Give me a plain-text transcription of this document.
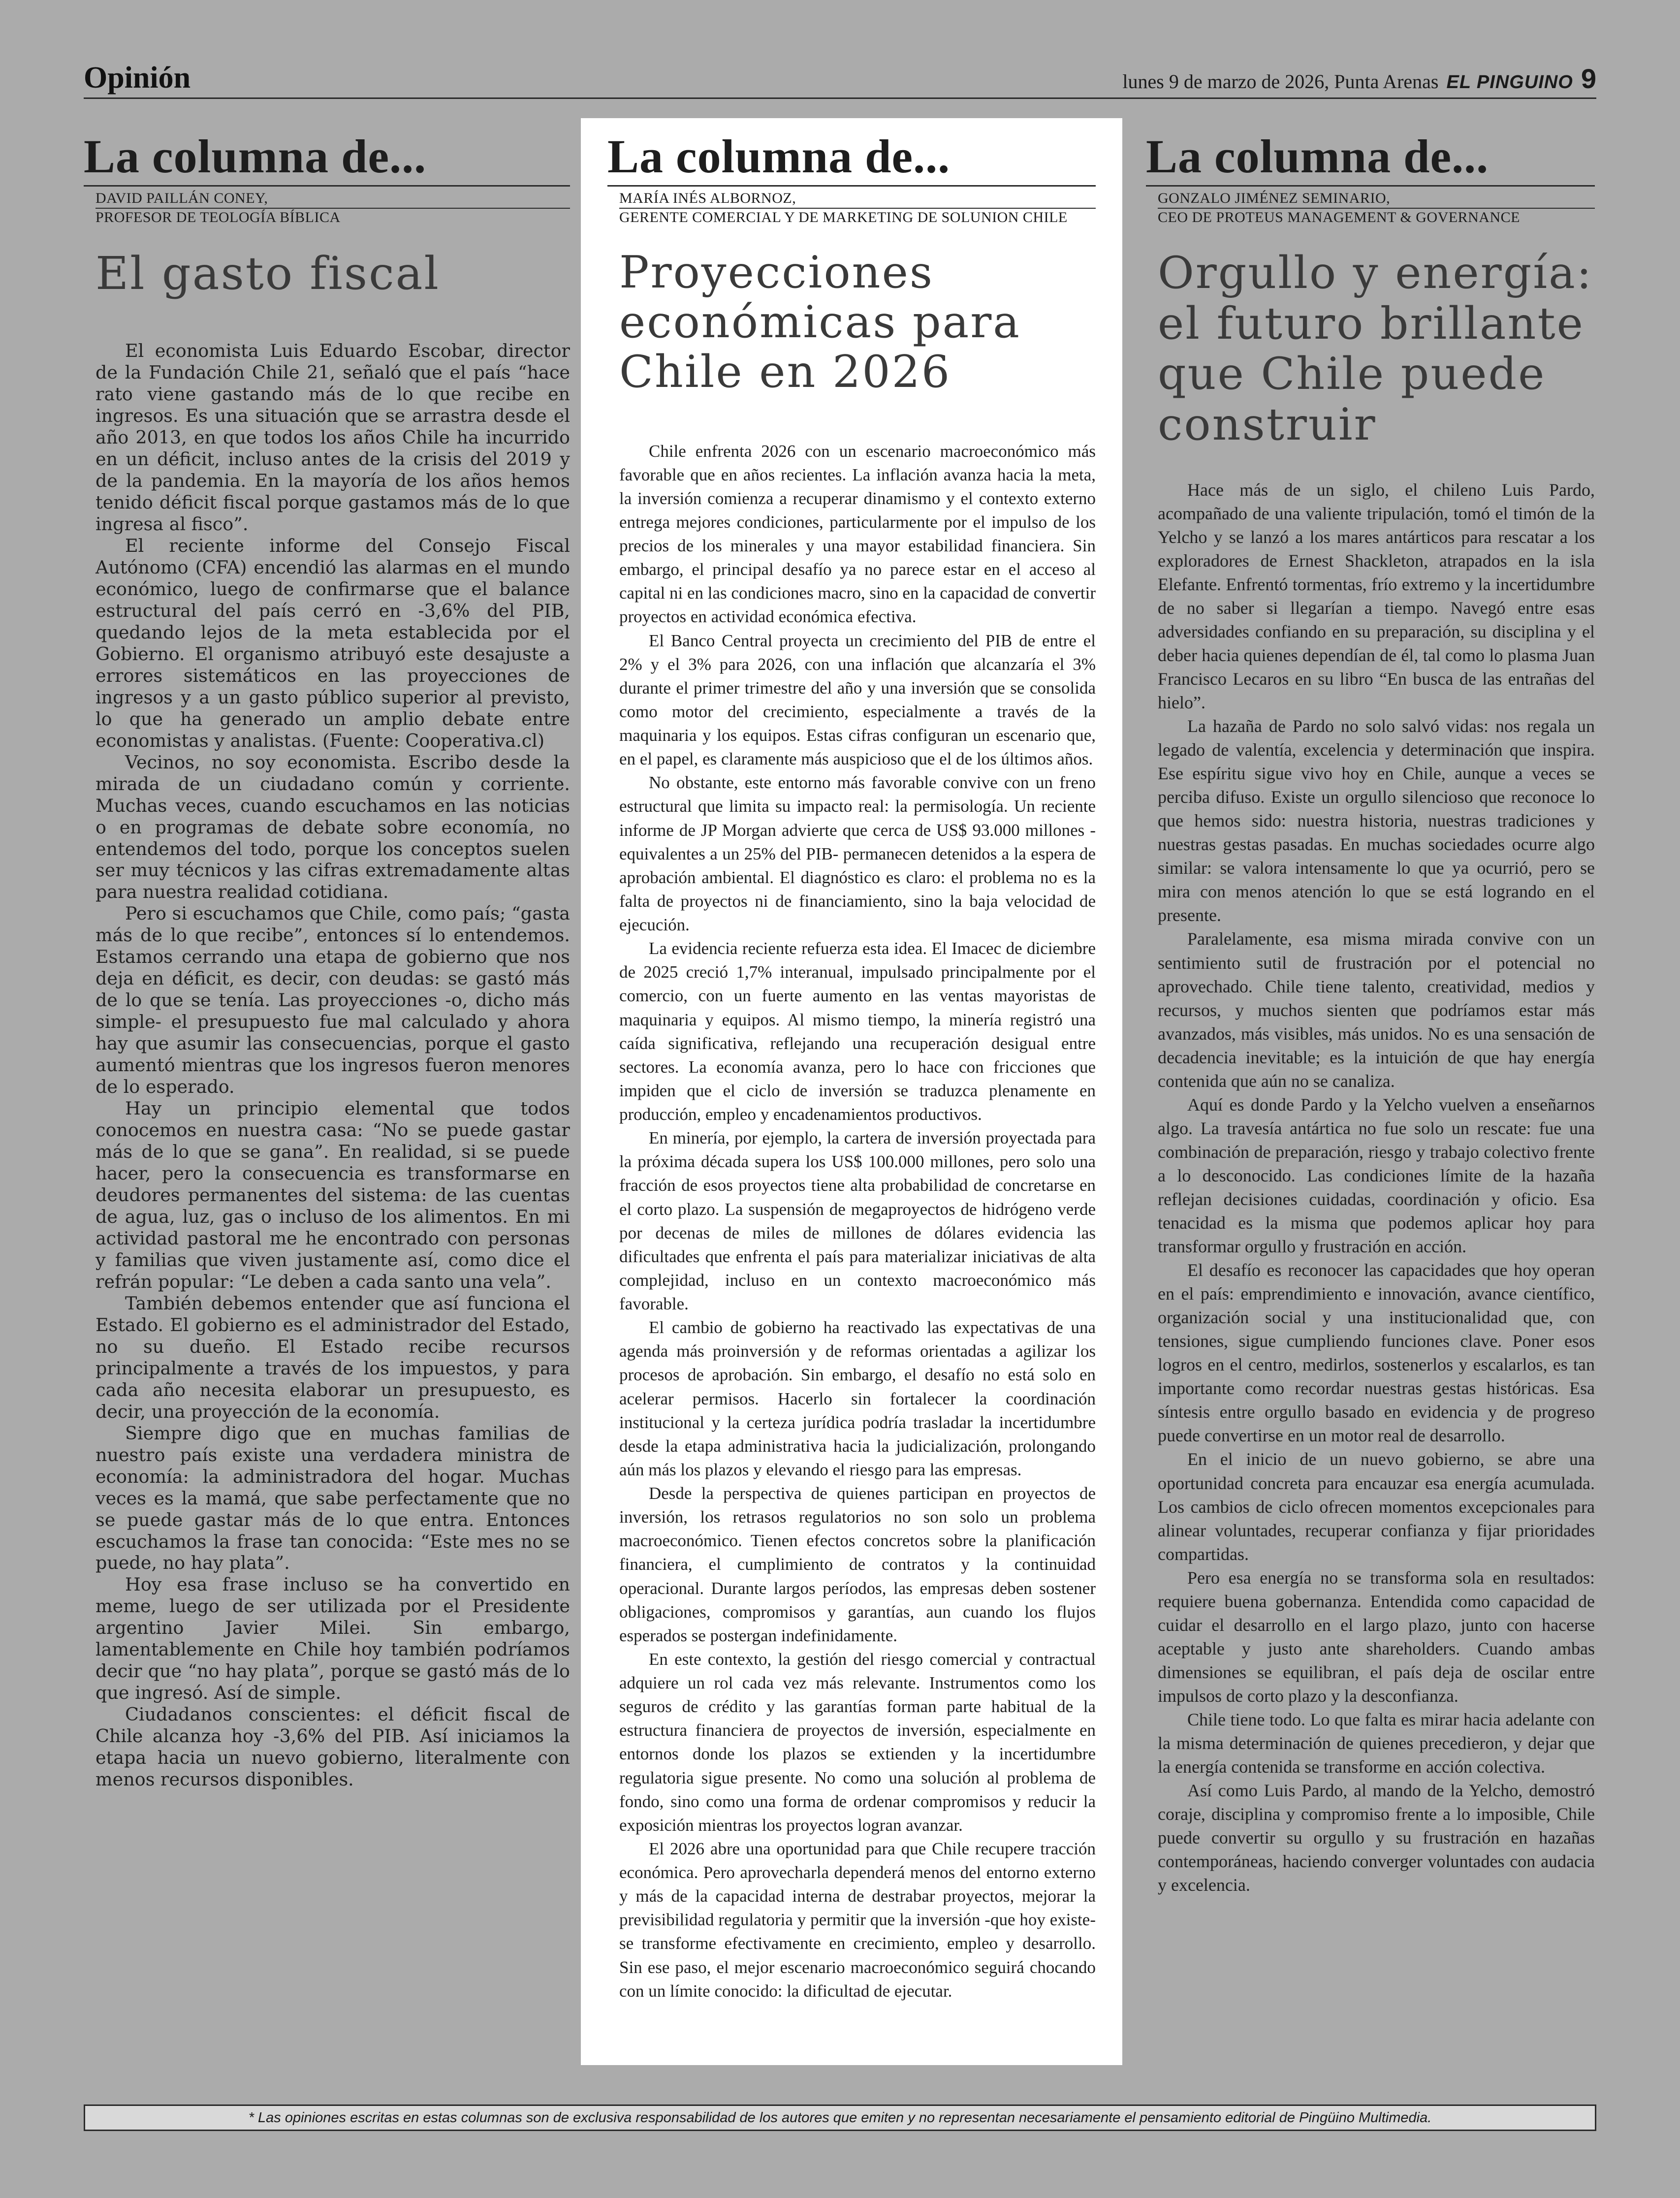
Opinión	lunes 9 de marzo de 2026, Punta Arenas EL PINGUINO 9
La columna de...
DAVID PAILLÁN CONEY,
PROFESOR DE TEOLOGÍA BÍBLICA
El gasto fiscal

El economista Luis Eduardo Escobar, director de la Fundación Chile 21, señaló que el país “hace rato viene gastando más de lo que recibe en ingresos. Es una situación que se arrastra desde el año 2013, en que todos los años Chile ha incurrido en un déficit, incluso antes de la crisis del 2019 y de la pandemia. En la mayoría de los años hemos tenido déficit fiscal porque gastamos más de lo que ingresa al fisco”.

El reciente informe del Consejo Fiscal Autónomo (CFA) encendió las alarmas en el mundo económico, luego de confirmarse que el balance estructural del país cerró en -3,6% del PIB, quedando lejos de la meta establecida por el Gobierno. El organismo atribuyó este desajuste a errores sistemáticos en las proyecciones de ingresos y a un gasto público superior al previsto, lo que ha generado un amplio debate entre economistas y analistas. (Fuente: Cooperativa.cl)

Vecinos, no soy economista. Escribo desde la mirada de un ciudadano común y corriente. Muchas veces, cuando escuchamos en las noticias o en programas de debate sobre economía, no entendemos del todo, porque los conceptos suelen ser muy técnicos y las cifras extremadamente altas para nuestra realidad cotidiana.

Pero si escuchamos que Chile, como país; “gasta más de lo que recibe”, entonces sí lo entendemos. Estamos cerrando una etapa de gobierno que nos deja en déficit, es decir, con deudas: se gastó más de lo que se tenía. Las proyecciones -o, dicho más simple- el presupuesto fue mal calculado y ahora hay que asumir las consecuencias, porque el gasto aumentó mientras que los ingresos fueron menores de lo esperado.

Hay un principio elemental que todos conocemos en nuestra casa: “No se puede gastar más de lo que se gana”. En realidad, si se puede hacer, pero la consecuencia es transformarse en deudores permanentes del sistema: de las cuentas de agua, luz, gas o incluso de los alimentos. En mi actividad pastoral me he encontrado con personas y familias que viven justamente así, como dice el refrán popular: “Le deben a cada santo una vela”.

También debemos entender que así funciona el Estado. El gobierno es el administrador del Estado, no su dueño. El Estado recibe recursos principalmente a través de los impuestos, y para cada año necesita elaborar un presupuesto, es decir, una proyección de la economía.

Siempre digo que en muchas familias de nuestro país existe una verdadera ministra de economía: la administradora del hogar. Muchas veces es la mamá, que sabe perfectamente que no se puede gastar más de lo que entra. Entonces escuchamos la frase tan conocida: “Este mes no se puede, no hay plata”.

Hoy esa frase incluso se ha convertido en meme, luego de ser utilizada por el Presidente argentino Javier Milei. Sin embargo, lamentablemente en Chile hoy también podríamos decir que “no hay plata”, porque se gastó más de lo que ingresó. Así de simple.

Ciudadanos conscientes: el déficit fiscal de Chile alcanza hoy -3,6% del PIB. Así iniciamos la etapa hacia un nuevo gobierno, literalmente con menos recursos disponibles.

La columna de...
MARÍA INÉS ALBORNOZ,
GERENTE COMERCIAL Y DE MARKETING DE SOLUNION CHILE
Proyecciones económicas para Chile en 2026

Chile enfrenta 2026 con un escenario macroeconómico más favorable que en años recientes. La inflación avanza hacia la meta, la inversión comienza a recuperar dinamismo y el contexto externo entrega mejores condiciones, particularmente por el impulso de los precios de los minerales y una mayor estabilidad financiera. Sin embargo, el principal desafío ya no parece estar en el acceso al capital ni en las condiciones macro, sino en la capacidad de convertir proyectos en actividad económica efectiva.

El Banco Central proyecta un crecimiento del PIB de entre el 2% y el 3% para 2026, con una inflación que alcanzaría el 3% durante el primer trimestre del año y una inversión que se consolida como motor del crecimiento, especialmente a través de la maquinaria y los equipos. Estas cifras configuran un escenario que, en el papel, es claramente más auspicioso que el de los últimos años.

No obstante, este entorno más favorable convive con un freno estructural que limita su impacto real: la permisología. Un reciente informe de JP Morgan advierte que cerca de US$ 93.000 millones -equivalentes a un 25% del PIB- permanecen detenidos a la espera de aprobación ambiental. El diagnóstico es claro: el problema no es la falta de proyectos ni de financiamiento, sino la baja velocidad de ejecución.

La evidencia reciente refuerza esta idea. El Imacec de diciembre de 2025 creció 1,7% interanual, impulsado principalmente por el comercio, con un fuerte aumento en las ventas mayoristas de maquinaria y equipos. Al mismo tiempo, la minería registró una caída significativa, reflejando una recuperación desigual entre sectores. La economía avanza, pero lo hace con fricciones que impiden que el ciclo de inversión se traduzca plenamente en producción, empleo y encadenamientos productivos.

En minería, por ejemplo, la cartera de inversión proyectada para la próxima década supera los US$ 100.000 millones, pero solo una fracción de esos proyectos tiene alta probabilidad de concretarse en el corto plazo. La suspensión de megaproyectos de hidrógeno verde por decenas de miles de millones de dólares evidencia las dificultades que enfrenta el país para materializar iniciativas de alta complejidad, incluso en un contexto macroeconómico más favorable.

El cambio de gobierno ha reactivado las expectativas de una agenda más proinversión y de reformas orientadas a agilizar los procesos de aprobación. Sin embargo, el desafío no está solo en acelerar permisos. Hacerlo sin fortalecer la coordinación institucional y la certeza jurídica podría trasladar la incertidumbre desde la etapa administrativa hacia la judicialización, prolongando aún más los plazos y elevando el riesgo para las empresas.

Desde la perspectiva de quienes participan en proyectos de inversión, los retrasos regulatorios no son solo un problema macroeconómico. Tienen efectos concretos sobre la planificación financiera, el cumplimiento de contratos y la continuidad operacional. Durante largos períodos, las empresas deben sostener obligaciones, compromisos y garantías, aun cuando los flujos esperados se postergan indefinidamente.

En este contexto, la gestión del riesgo comercial y contractual adquiere un rol cada vez más relevante. Instrumentos como los seguros de crédito y las garantías forman parte habitual de la estructura financiera de proyectos de inversión, especialmente en entornos donde los plazos se extienden y la incertidumbre regulatoria sigue presente. No como una solución al problema de fondo, sino como una forma de ordenar compromisos y reducir la exposición mientras los proyectos logran avanzar.

El 2026 abre una oportunidad para que Chile recupere tracción económica. Pero aprovecharla dependerá menos del entorno externo y más de la capacidad interna de destrabar proyectos, mejorar la previsibilidad regulatoria y permitir que la inversión -que hoy existe- se transforme efectivamente en crecimiento, empleo y desarrollo. Sin ese paso, el mejor escenario macroeconómico seguirá chocando con un límite conocido: la dificultad de ejecutar.

La columna de...
GONZALO JIMÉNEZ SEMINARIO,
CEO DE PROTEUS MANAGEMENT & GOVERNANCE
Orgullo y energía: el futuro brillante que Chile puede construir

Hace más de un siglo, el chileno Luis Pardo, acompañado de una valiente tripulación, tomó el timón de la Yelcho y se lanzó a los mares antárticos para rescatar a los exploradores de Ernest Shackleton, atrapados en la isla Elefante. Enfrentó tormentas, frío extremo y la incertidumbre de no saber si llegarían a tiempo. Navegó entre esas adversidades confiando en su preparación, su disciplina y el deber hacia quienes dependían de él, tal como lo plasma Juan Francisco Lecaros en su libro “En busca de las entrañas del hielo”.

La hazaña de Pardo no solo salvó vidas: nos regala un legado de valentía, excelencia y determinación que inspira. Ese espíritu sigue vivo hoy en Chile, aunque a veces se perciba difuso. Existe un orgullo silencioso que reconoce lo que hemos sido: nuestra historia, nuestras tradiciones y nuestras gestas pasadas. En muchas sociedades ocurre algo similar: se valora intensamente lo que ya ocurrió, pero se mira con menos atención lo que se está logrando en el presente.

Paralelamente, esa misma mirada convive con un sentimiento sutil de frustración por el potencial no aprovechado. Chile tiene talento, creatividad, medios y recursos, y muchos sienten que podríamos estar más avanzados, más visibles, más unidos. No es una sensación de decadencia inevitable; es la intuición de que hay energía contenida que aún no se canaliza.

Aquí es donde Pardo y la Yelcho vuelven a enseñarnos algo. La travesía antártica no fue solo un rescate: fue una combinación de preparación, riesgo y trabajo colectivo frente a lo desconocido. Las condiciones límite de la hazaña reflejan decisiones cuidadas, coordinación y oficio. Esa tenacidad es la misma que podemos aplicar hoy para transformar orgullo y frustración en acción.

El desafío es reconocer las capacidades que hoy operan en el país: emprendimiento e innovación, avance científico, organización social y una institucionalidad que, con tensiones, sigue cumpliendo funciones clave. Poner esos logros en el centro, medirlos, sostenerlos y escalarlos, es tan importante como recordar nuestras gestas históricas. Esa síntesis entre orgullo basado en evidencia y de progreso puede convertirse en un motor real de desarrollo.

En el inicio de un nuevo gobierno, se abre una oportunidad concreta para encauzar esa energía acumulada. Los cambios de ciclo ofrecen momentos excepcionales para alinear voluntades, recuperar confianza y fijar prioridades compartidas.

Pero esa energía no se transforma sola en resultados: requiere buena gobernanza. Entendida como capacidad de cuidar el desarrollo en el largo plazo, junto con hacerse aceptable y justo ante shareholders. Cuando ambas dimensiones se equilibran, el país deja de oscilar entre impulsos de corto plazo y la desconfianza.

Chile tiene todo. Lo que falta es mirar hacia adelante con la misma determinación de quienes precedieron, y dejar que la energía contenida se transforme en acción colectiva.

Así como Luis Pardo, al mando de la Yelcho, demostró coraje, disciplina y compromiso frente a lo imposible, Chile puede convertir su orgullo y su frustración en hazañas contemporáneas, haciendo converger voluntades con audacia y excelencia.

* Las opiniones escritas en estas columnas son de exclusiva responsabilidad de los autores que emiten y no representan necesariamente el pensamiento editorial de Pingüino Multimedia.
